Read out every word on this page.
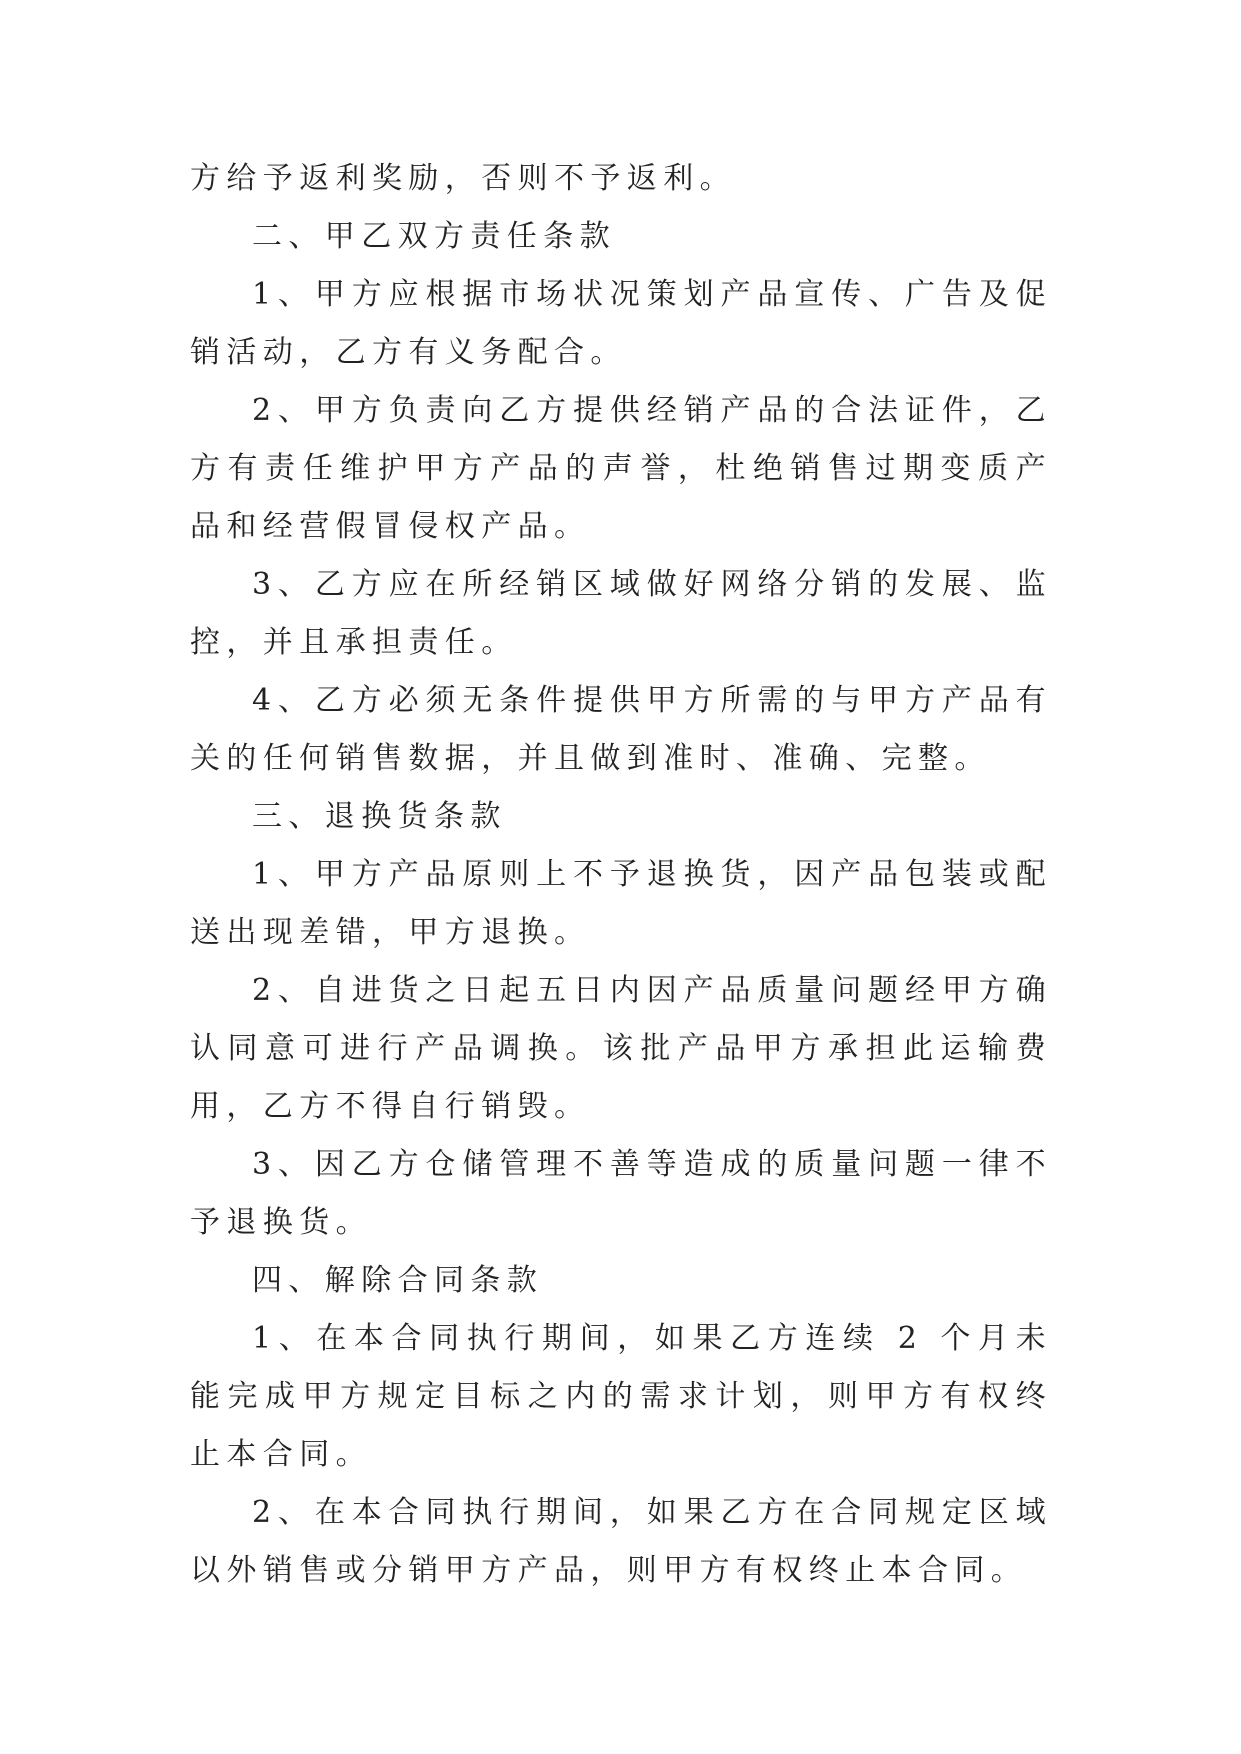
方给予返利奖励，否则不予返利。

二、甲乙双方责任条款

1、甲方应根据市场状况策划产品宣传、广告及促销活动，乙方有义务配合。

2、甲方负责向乙方提供经销产品的合法证件，乙方有责任维护甲方产品的声誉，杜绝销售过期变质产品和经营假冒侵权产品。

3、乙方应在所经销区域做好网络分销的发展、监控，并且承担责任。

4、乙方必须无条件提供甲方所需的与甲方产品有关的任何销售数据，并且做到准时、准确、完整。

三、退换货条款

1、甲方产品原则上不予退换货，因产品包装或配送出现差错，甲方退换。

2、自进货之日起五日内因产品质量问题经甲方确认同意可进行产品调换。该批产品甲方承担此运输费用，乙方不得自行销毁。

3、因乙方仓储管理不善等造成的质量问题一律不予退换货。

四、解除合同条款

1、在本合同执行期间，如果乙方连续 2 个月未能完成甲方规定目标之内的需求计划，则甲方有权终止本合同。

2、在本合同执行期间，如果乙方在合同规定区域以外销售或分销甲方产品，则甲方有权终止本合同。
